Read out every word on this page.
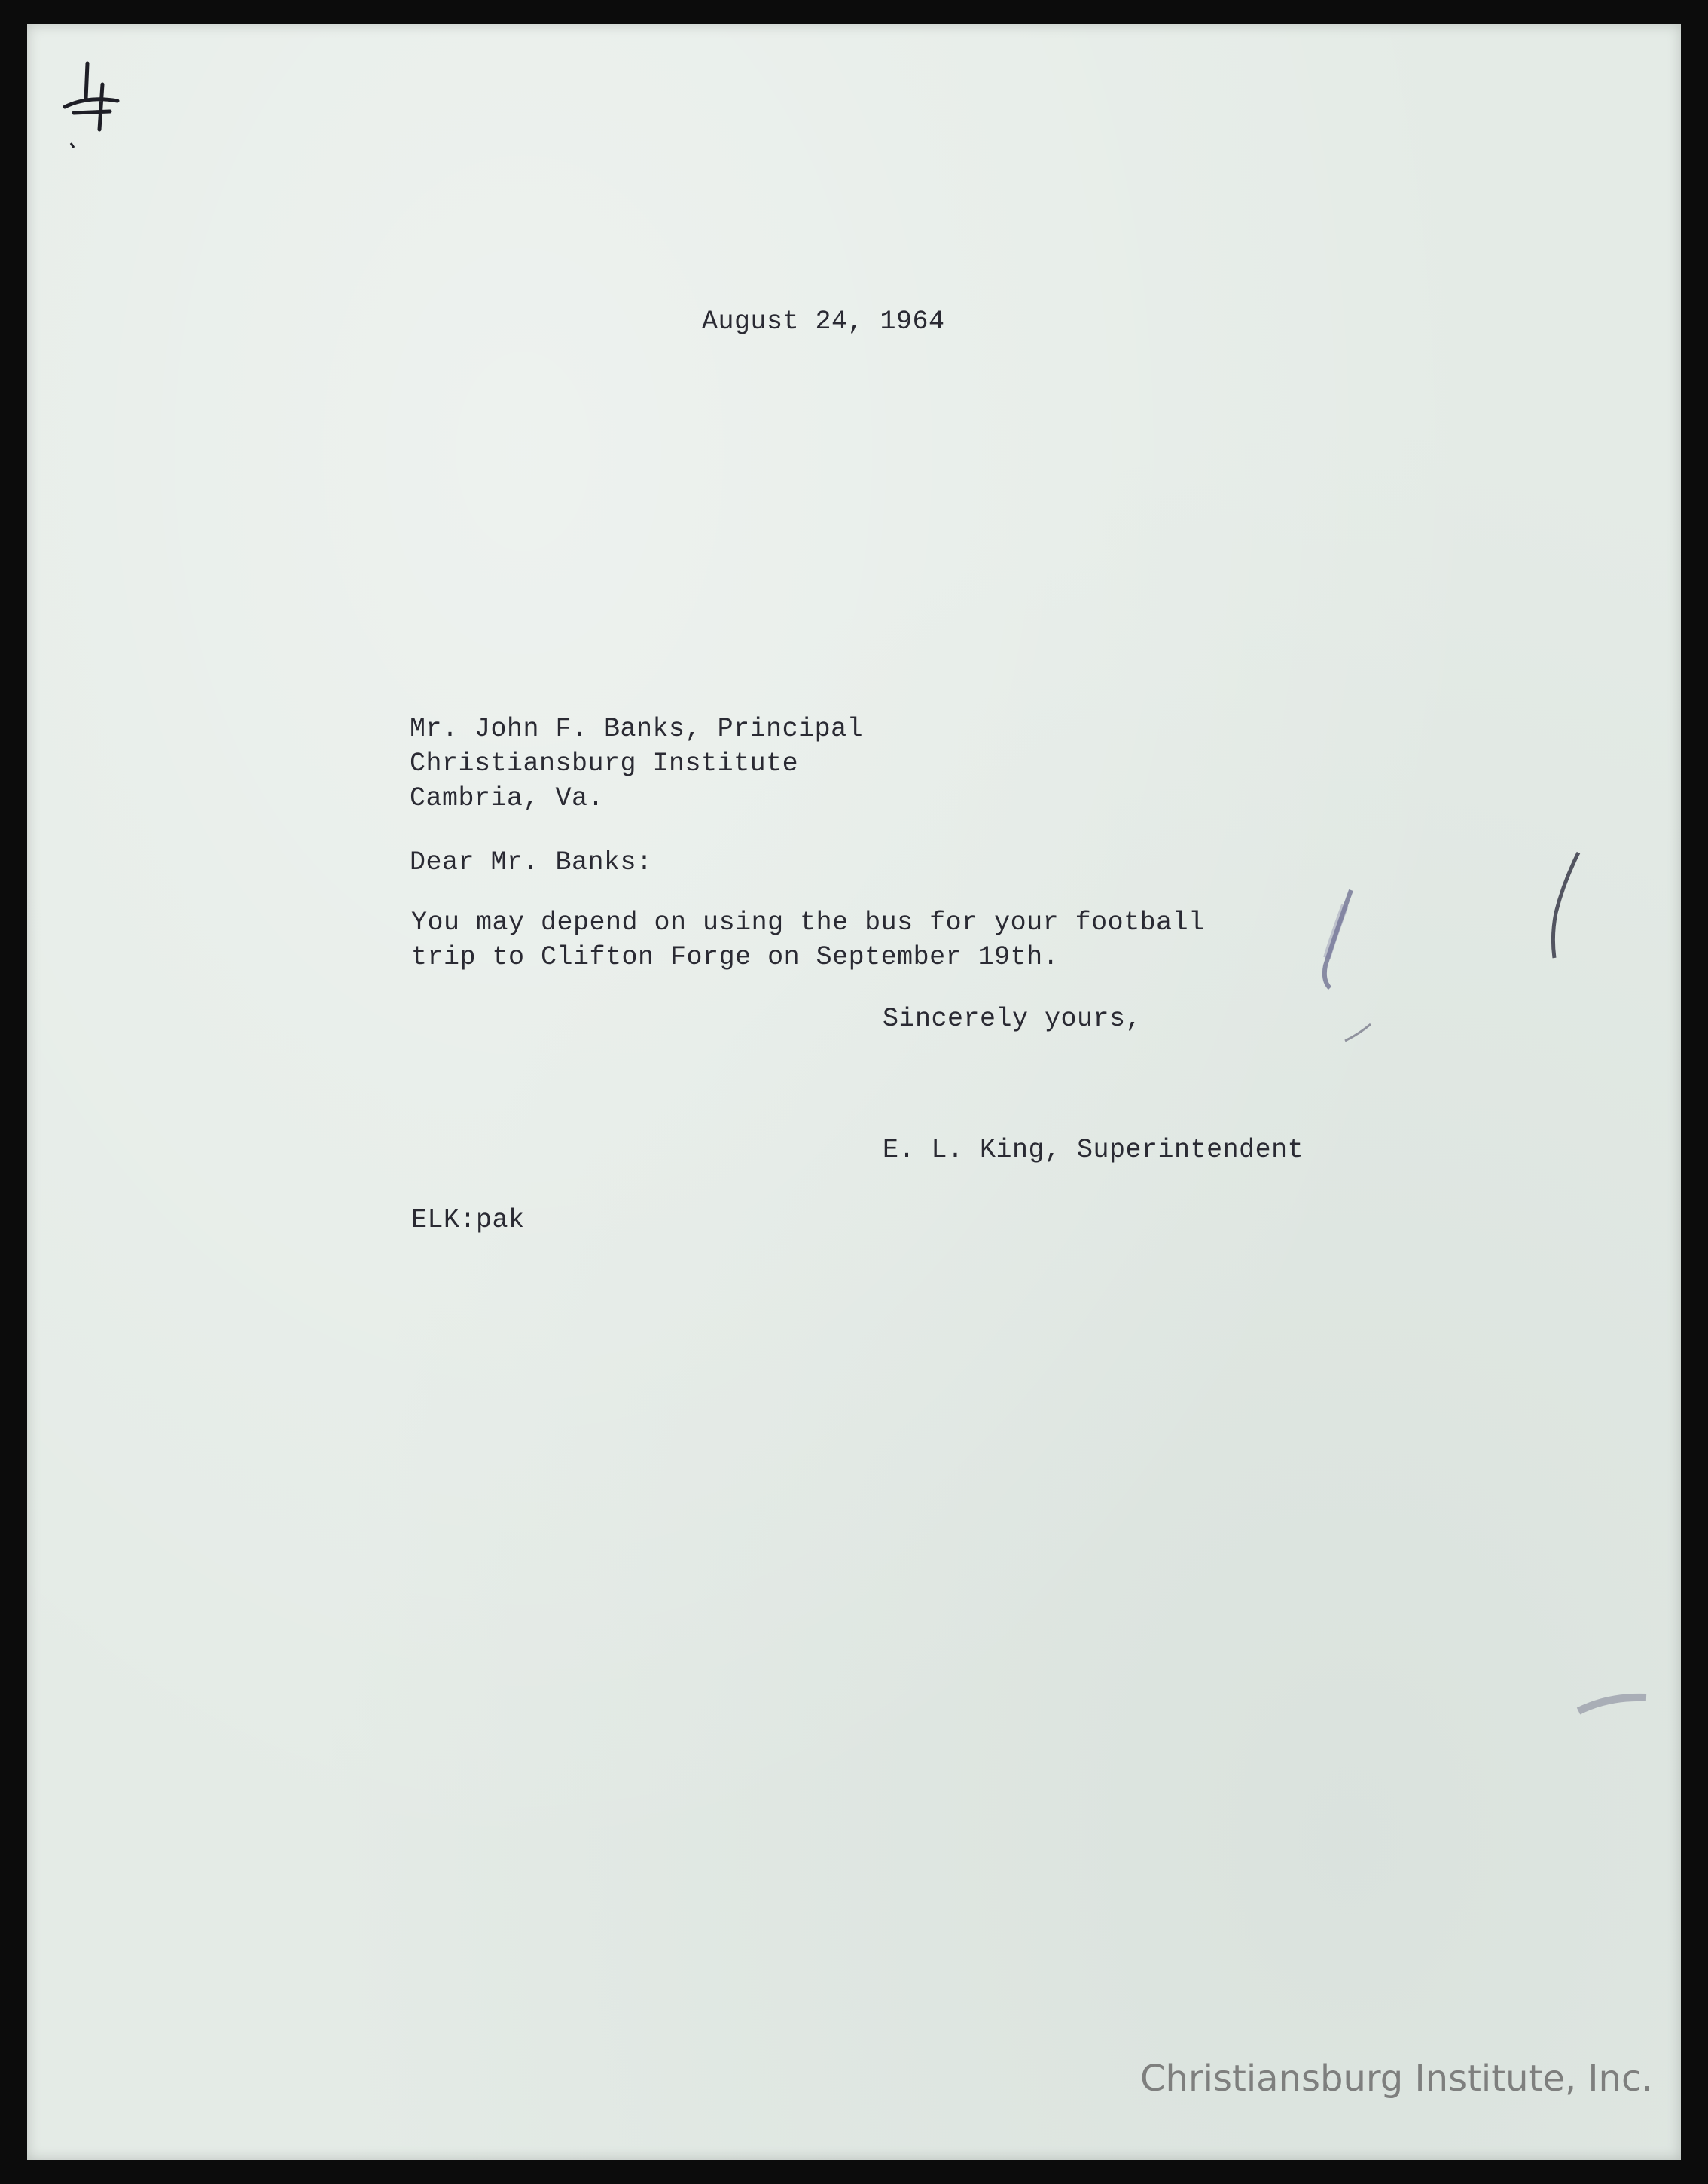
August 24, 1964
Mr. John F. Banks, Principal
Christiansburg Institute
Cambria, Va.
Dear Mr. Banks:
You may depend on using the bus for your football
trip to Clifton Forge on September 19th.
Sincerely yours,
E. L. King, Superintendent
ELK:pak
Christiansburg Institute, Inc.
